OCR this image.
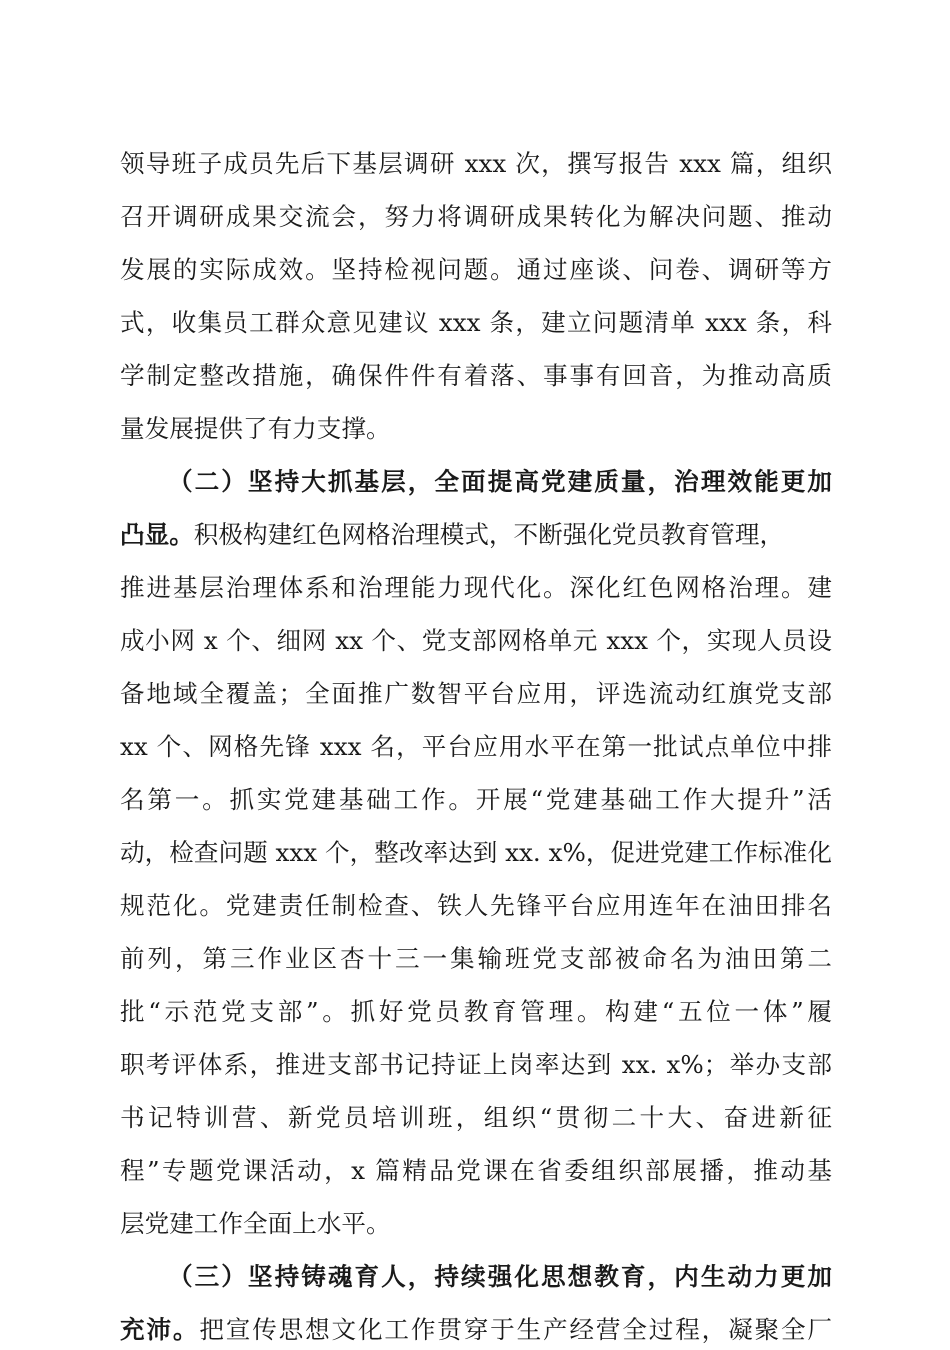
领导班子成员先后下基层调研 xxx 次，撰写报告 xxx 篇，组织
召开调研成果交流会，努力将调研成果转化为解决问题、推动
发展的实际成效。坚持检视问题。通过座谈、问卷、调研等方
式，收集员工群众意见建议 xxx 条，建立问题清单 xxx 条，科
学制定整改措施，确保件件有着落、事事有回音，为推动高质
量发展提供了有力支撑。
（二）坚持大抓基层，全面提高党建质量，治理效能更加
凸显。积极构建红色网格治理模式，不断强化党员教育管理，
推进基层治理体系和治理能力现代化。深化红色网格治理。建
成小网 x 个、细网 xx 个、党支部网格单元 xxx 个，实现人员设
备地域全覆盖；全面推广数智平台应用，评选流动红旗党支部
xx 个、网格先锋 xxx 名，平台应用水平在第一批试点单位中排
名第一。抓实党建基础工作。开展“党建基础工作大提升”活
动，检查问题 xxx 个，整改率达到 xx. x%，促进党建工作标准化
规范化。党建责任制检查、铁人先锋平台应用连年在油田排名
前列，第三作业区杏十三一集输班党支部被命名为油田第二
批“示范党支部”。抓好党员教育管理。构建“五位一体”履
职考评体系，推进支部书记持证上岗率达到 xx. x%；举办支部
书记特训营、新党员培训班，组织“贯彻二十大、奋进新征
程”专题党课活动，x 篇精品党课在省委组织部展播，推动基
层党建工作全面上水平。
（三）坚持铸魂育人，持续强化思想教育，内生动力更加
充沛。把宣传思想文化工作贯穿于生产经营全过程，凝聚全厂
